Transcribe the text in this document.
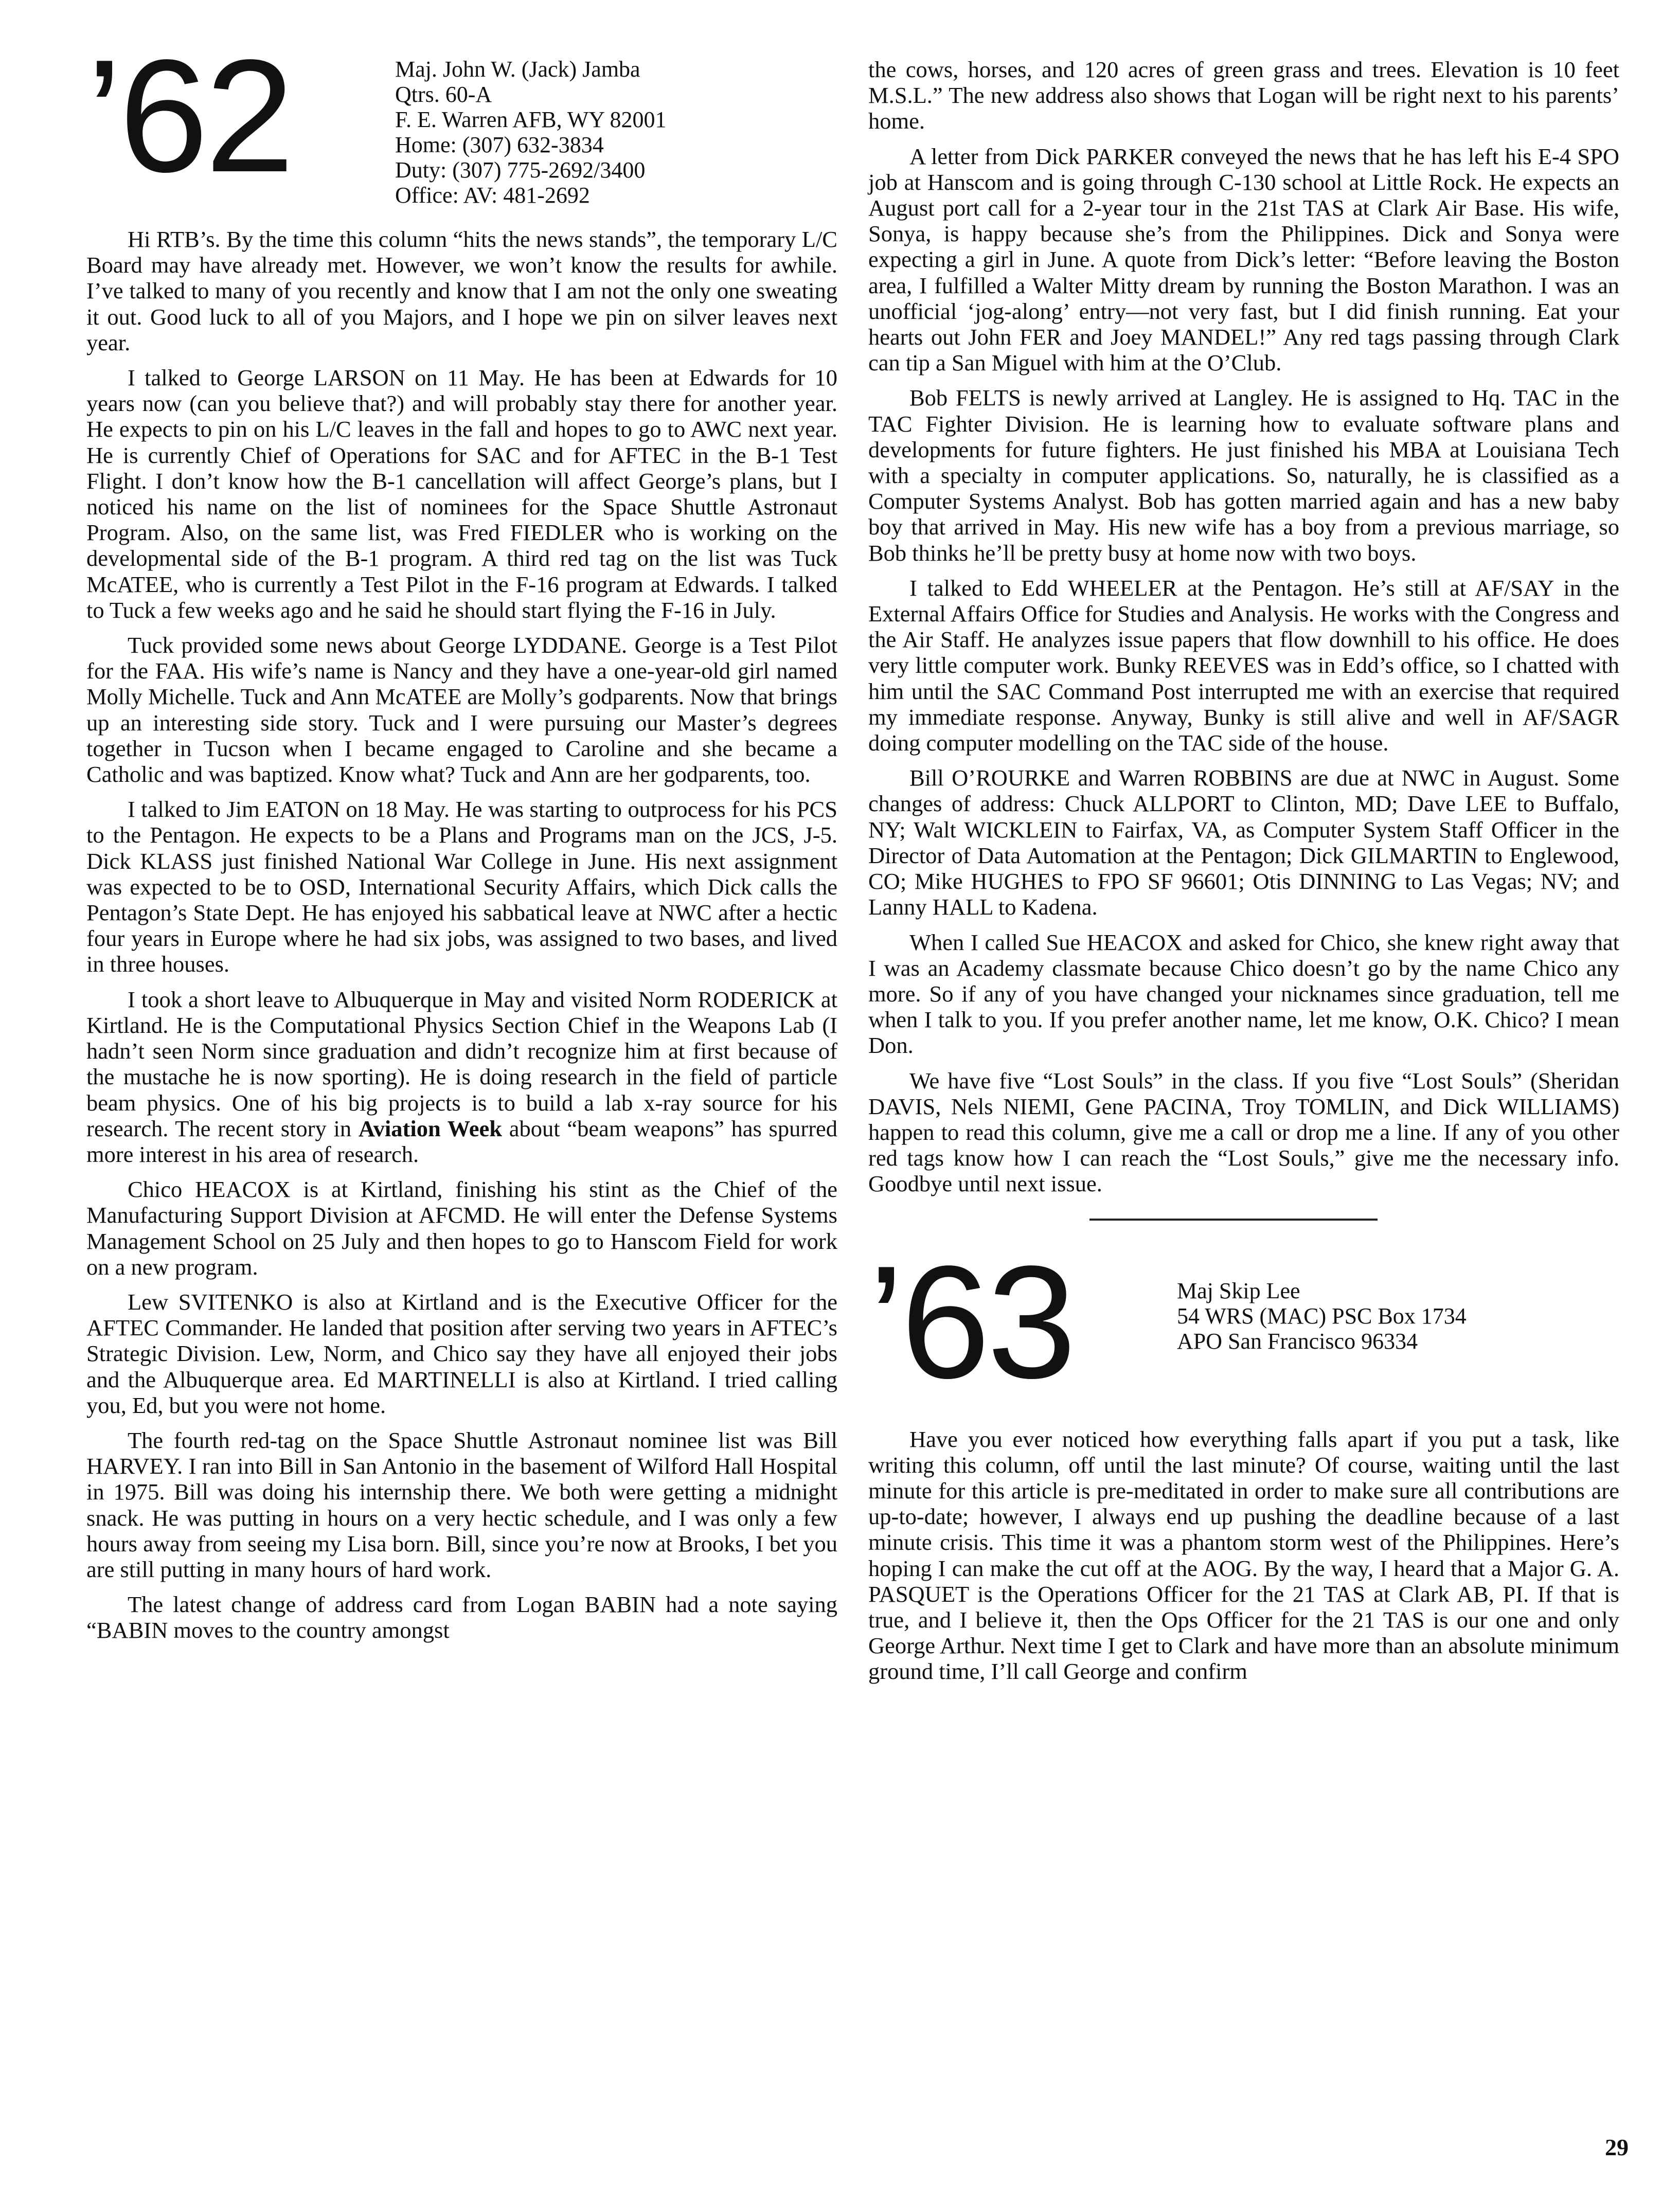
’62	Maj. John W. (Jack) Jamba
Qtrs. 60-A
F. E. Warren AFB, WY 82001
Home: (307) 632-3834
Duty: (307) 775-2692/3400
Office: AV: 481-2692

Hi RTB’s. By the time this column “hits the news stands”, the temporary L/C Board may have already met. However, we won’t know the results for awhile. I’ve talked to many of you recently and know that I am not the only one sweating it out. Good luck to all of you Majors, and I hope we pin on silver leaves next year.

I talked to George LARSON on 11 May. He has been at Edwards for 10 years now (can you believe that?) and will probably stay there for another year. He expects to pin on his L/C leaves in the fall and hopes to go to AWC next year. He is currently Chief of Operations for SAC and for AFTEC in the B-1 Test Flight. I don’t know how the B-1 cancellation will affect George’s plans, but I noticed his name on the list of nominees for the Space Shuttle Astronaut Program. Also, on the same list, was Fred FIEDLER who is working on the developmental side of the B-1 program. A third red tag on the list was Tuck McATEE, who is currently a Test Pilot in the F-16 program at Edwards. I talked to Tuck a few weeks ago and he said he should start flying the F-16 in July.

Tuck provided some news about George LYDDANE. George is a Test Pilot for the FAA. His wife’s name is Nancy and they have a one-year-old girl named Molly Michelle. Tuck and Ann McATEE are Molly’s godparents. Now that brings up an interesting side story. Tuck and I were pursuing our Master’s degrees together in Tucson when I became engaged to Caroline and she became a Catholic and was baptized. Know what? Tuck and Ann are her godparents, too.

I talked to Jim EATON on 18 May. He was starting to outprocess for his PCS to the Pentagon. He expects to be a Plans and Programs man on the JCS, J-5. Dick KLASS just finished National War College in June. His next assignment was expected to be to OSD, International Security Affairs, which Dick calls the Pentagon’s State Dept. He has enjoyed his sabbatical leave at NWC after a hectic four years in Europe where he had six jobs, was assigned to two bases, and lived in three houses.

I took a short leave to Albuquerque in May and visited Norm RODERICK at Kirtland. He is the Computational Physics Section Chief in the Weapons Lab (I hadn’t seen Norm since graduation and didn’t recognize him at first because of the mustache he is now sporting). He is doing research in the field of particle beam physics. One of his big projects is to build a lab x-ray source for his research. The recent story in Aviation Week about “beam weapons” has spurred more interest in his area of research.

Chico HEACOX is at Kirtland, finishing his stint as the Chief of the Manufacturing Support Division at AFCMD. He will enter the Defense Systems Management School on 25 July and then hopes to go to Hanscom Field for work on a new program.

Lew SVITENKO is also at Kirtland and is the Executive Officer for the AFTEC Commander. He landed that position after serving two years in AFTEC’s Strategic Division. Lew, Norm, and Chico say they have all enjoyed their jobs and the Albuquerque area. Ed MARTINELLI is also at Kirtland. I tried calling you, Ed, but you were not home.

The fourth red-tag on the Space Shuttle Astronaut nominee list was Bill HARVEY. I ran into Bill in San Antonio in the basement of Wilford Hall Hospital in 1975. Bill was doing his internship there. We both were getting a midnight snack. He was putting in hours on a very hectic schedule, and I was only a few hours away from seeing my Lisa born. Bill, since you’re now at Brooks, I bet you are still putting in many hours of hard work.

The latest change of address card from Logan BABIN had a note saying “BABIN moves to the country amongst

the cows, horses, and 120 acres of green grass and trees. Elevation is 10 feet M.S.L.” The new address also shows that Logan will be right next to his parents’ home.

A letter from Dick PARKER conveyed the news that he has left his E-4 SPO job at Hanscom and is going through C-130 school at Little Rock. He expects an August port call for a 2-year tour in the 21st TAS at Clark Air Base. His wife, Sonya, is happy because she’s from the Philippines. Dick and Sonya were expecting a girl in June. A quote from Dick’s letter: “Before leaving the Boston area, I fulfilled a Walter Mitty dream by running the Boston Marathon. I was an unofficial ‘jog-along’ entry—not very fast, but I did finish running. Eat your hearts out John FER and Joey MANDEL!” Any red tags passing through Clark can tip a San Miguel with him at the O’Club.

Bob FELTS is newly arrived at Langley. He is assigned to Hq. TAC in the TAC Fighter Division. He is learning how to evaluate software plans and developments for future fighters. He just finished his MBA at Louisiana Tech with a specialty in computer applications. So, naturally, he is classified as a Computer Systems Analyst. Bob has gotten married again and has a new baby boy that arrived in May. His new wife has a boy from a previous marriage, so Bob thinks he’ll be pretty busy at home now with two boys.

I talked to Edd WHEELER at the Pentagon. He’s still at AF/SAY in the External Affairs Office for Studies and Analysis. He works with the Congress and the Air Staff. He analyzes issue papers that flow downhill to his office. He does very little computer work. Bunky REEVES was in Edd’s office, so I chatted with him until the SAC Command Post interrupted me with an exercise that required my immediate response. Anyway, Bunky is still alive and well in AF/SAGR doing computer modelling on the TAC side of the house.

Bill O’ROURKE and Warren ROBBINS are due at NWC in August. Some changes of address: Chuck ALLPORT to Clinton, MD; Dave LEE to Buffalo, NY; Walt WICKLEIN to Fairfax, VA, as Computer System Staff Officer in the Director of Data Automation at the Pentagon; Dick GILMARTIN to Englewood, CO; Mike HUGHES to FPO SF 96601; Otis DINNING to Las Vegas; NV; and Lanny HALL to Kadena.

When I called Sue HEACOX and asked for Chico, she knew right away that I was an Academy classmate because Chico doesn’t go by the name Chico any more. So if any of you have changed your nicknames since graduation, tell me when I talk to you. If you prefer another name, let me know, O.K. Chico? I mean Don.

We have five “Lost Souls” in the class. If you five “Lost Souls” (Sheridan DAVIS, Nels NIEMI, Gene PACINA, Troy TOMLIN, and Dick WILLIAMS) happen to read this column, give me a call or drop me a line. If any of you other red tags know how I can reach the “Lost Souls,” give me the necessary info. Goodbye until next issue.

’63	Maj Skip Lee
54 WRS (MAC) PSC Box 1734
APO San Francisco 96334

Have you ever noticed how everything falls apart if you put a task, like writing this column, off until the last minute? Of course, waiting until the last minute for this article is pre-meditated in order to make sure all contributions are up-to-date; however, I always end up pushing the deadline because of a last minute crisis. This time it was a phantom storm west of the Philippines. Here’s hoping I can make the cut off at the AOG. By the way, I heard that a Major G. A. PASQUET is the Operations Officer for the 21 TAS at Clark AB, PI. If that is true, and I believe it, then the Ops Officer for the 21 TAS is our one and only George Arthur. Next time I get to Clark and have more than an absolute minimum ground time, I’ll call George and confirm

29
